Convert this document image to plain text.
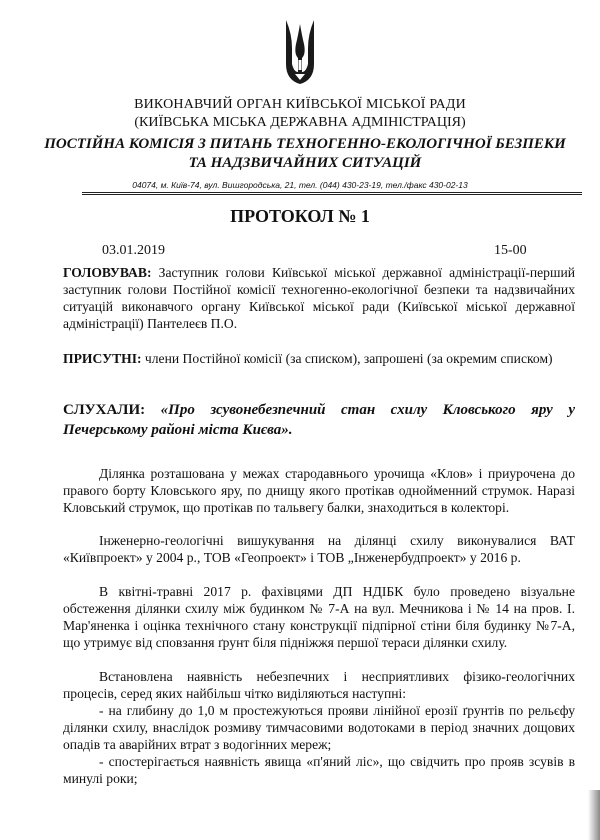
ВИКОНАВЧИЙ ОРГАН КИЇВСЬКОЇ МІСЬКОЇ РАДИ
(КИЇВСЬКА МІСЬКА ДЕРЖАВНА АДМІНІСТРАЦІЯ)
ПОСТІЙНА КОМІСІЯ З ПИТАНЬ ТЕХНОГЕННО-ЕКОЛОГІЧНОЇ БЕЗПЕКИ
ТА НАДЗВИЧАЙНИХ СИТУАЦІЙ
04074, м. Київ-74, вул. Вишгородська, 21, тел. (044) 430-23-19, тел./факс 430-02-13
ПРОТОКОЛ № 1
03.01.2019	15-00
ГОЛОВУВАВ: Заступник голови Київської міської державної адміністрації-перший заступник голови Постійної комісії техногенно-екологічної безпеки та надзвичайних ситуацій виконавчого органу Київської міської ради (Київської міської державної адміністрації) Пантелеєв П.О.
ПРИСУТНІ: члени Постійної комісії (за списком), запрошені (за окремим списком)
СЛУХАЛИ: «Про зсувонебезпечний стан схилу Кловського яру у Печерському районі міста Києва».
Ділянка розташована у межах стародавнього урочища «Клов» і приурочена до правого борту Кловського яру, по днищу якого протікав однойменний струмок. Наразі Кловський струмок, що протікав по тальвегу балки, знаходиться в колекторі.
Інженерно-геологічні вишукування на ділянці схилу виконувалися ВАТ «Київпроект» у 2004 р., ТОВ «Геопроект» і ТОВ „Інженербудпроект» у 2016 р.
В квітні-травні 2017 р. фахівцями ДП НДІБК було проведено візуальне обстеження ділянки схилу між будинком № 7-А на вул. Мечникова і № 14 на пров. І. Мар'яненка і оцінка технічного стану конструкції підпірної стіни біля будинку №7-А, що утримує від сповзання ґрунт біля підніжжя першої тераси ділянки схилу.
Встановлена наявність небезпечних і несприятливих фізико-геологічних процесів, серед яких найбільш чітко виділяються наступні:
- на глибину до 1,0 м простежуються прояви лінійної ерозії ґрунтів по рельєфу ділянки схилу, внаслідок розмиву тимчасовими водотоками в період значних дощових опадів та аварійних втрат з водогінних мереж;
- спостерігається наявність явища «п'яний ліс», що свідчить про прояв зсувів в минулі роки;
